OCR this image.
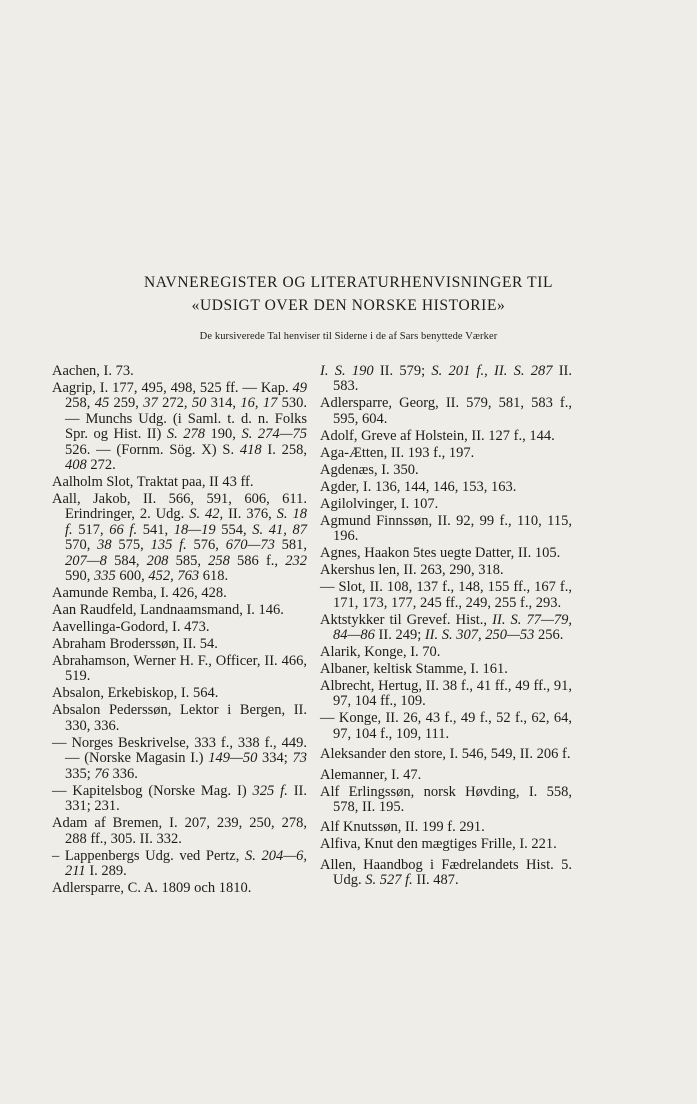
NAVNEREGISTER OG LITERATURHENVISNINGER TIL
«UDSIGT OVER DEN NORSKE HISTORIE»
De kursiverede Tal henviser til Siderne i de af Sars benyttede Værker
Aachen, I. 73.
Aagrip, I. 177, 495, 498, 525 ff. — Kap. 49 258, 45 259, 37 272, 50 314, 16, 17 530. — Munchs Udg. (i Saml. t. d. n. Folks Spr. og Hist. II) S. 278 190, S. 274—75 526. — (Fornm. Sög. X) S. 418 I. 258, 408 272.
Aalholm Slot, Traktat paa, II 43 ff.
Aall, Jakob, II. 566, 591, 606, 611. Erindringer, 2. Udg. S. 42, II. 376, S. 18 f. 517, 66 f. 541, 18—19 554, S. 41, 87 570, 38 575, 135 f. 576, 670—73 581, 207—8 584, 208 585, 258 586 f., 232 590, 335 600, 452, 763 618.
Aamunde Remba, I. 426, 428.
Aan Raudfeld, Landnaamsmand, I. 146.
Aavellinga-Godord, I. 473.
Abraham Broderssøn, II. 54.
Abrahamson, Werner H. F., Officer, II. 466, 519.
Absalon, Erkebiskop, I. 564.
Absalon Pederssøn, Lektor i Bergen, II. 330, 336.
— Norges Beskrivelse, 333 f., 338 f., 449. — (Norske Magasin I.) 149—50 334; 73 335; 76 336.
— Kapitelsbog (Norske Mag. I) 325 f. II. 331; 231.
Adam af Bremen, I. 207, 239, 250, 278, 288 ff., 305. II. 332.
– Lappenbergs Udg. ved Pertz, S. 204—6, 211 I. 289.
Adlersparre, C. A. 1809 och 1810.
I. S. 190 II. 579; S. 201 f., II. S. 287 II. 583.
Adlersparre, Georg, II. 579, 581, 583 f., 595, 604.
Adolf, Greve af Holstein, II. 127 f., 144.
Aga-Ætten, II. 193 f., 197.
Agdenæs, I. 350.
Agder, I. 136, 144, 146, 153, 163.
Agilolvinger, I. 107.
Agmund Finnssøn, II. 92, 99 f., 110, 115, 196.
Agnes, Haakon 5tes uegte Datter, II. 105.
Akershus len, II. 263, 290, 318.
— Slot, II. 108, 137 f., 148, 155 ff., 167 f., 171, 173, 177, 245 ff., 249, 255 f., 293.
Aktstykker til Grevef. Hist., II. S. 77—79, 84—86 II. 249; II. S. 307, 250—53 256.
Alarik, Konge, I. 70.
Albaner, keltisk Stamme, I. 161.
Albrecht, Hertug, II. 38 f., 41 ff., 49 ff., 91, 97, 104 ff., 109.
— Konge, II. 26, 43 f., 49 f., 52 f., 62, 64, 97, 104 f., 109, 111.
Aleksander den store, I. 546, 549, II. 206 f.
Alemanner, I. 47.
Alf Erlingssøn, norsk Høvding, I. 558, 578, II. 195.
Alf Knutssøn, II. 199 f. 291.
Alfiva, Knut den mægtiges Frille, I. 221.
Allen, Haandbog i Fædrelandets Hist. 5. Udg. S. 527 f. II. 487.
